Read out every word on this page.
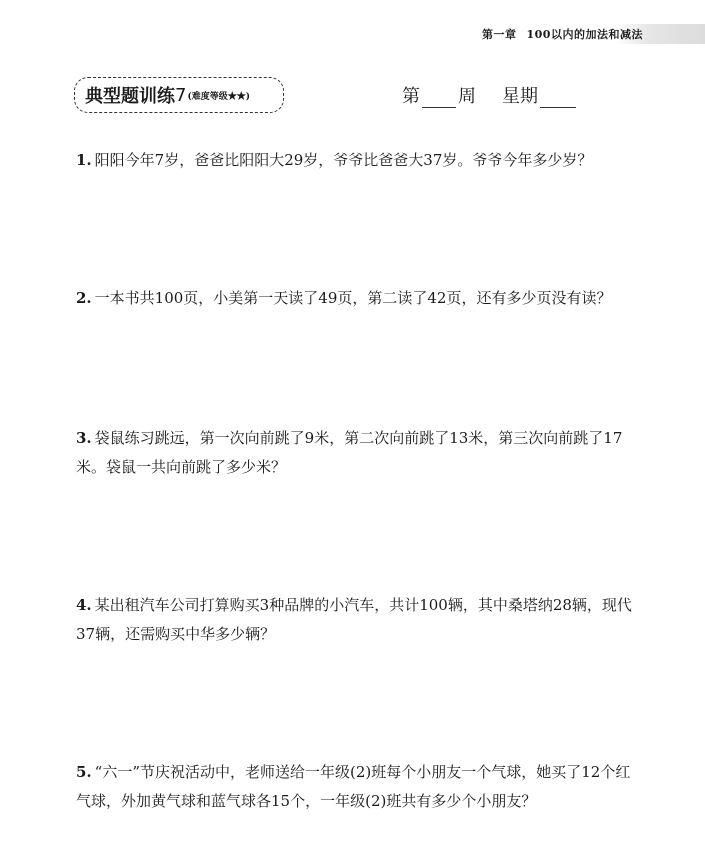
第一章 100以内的加法和减法
典型题训练 7 (难度等级★★)	第 周 星期
1. 阳阳今年7岁，爸爸比阳阳大29岁，爷爷比爸爸大37岁。爷爷今年多少岁？
2. 一本书共100页，小美第一天读了49页，第二读了42页，还有多少页没有读？
3. 袋鼠练习跳远，第一次向前跳了9米，第二次向前跳了13米，第三次向前跳了17米。袋鼠一共向前跳了多少米？
4. 某出租汽车公司打算购买3种品牌的小汽车，共计100辆，其中桑塔纳28辆，现代37辆，还需购买中华多少辆？
5. “六一”节庆祝活动中，老师送给一年级(2)班每个小朋友一个气球，她买了12个红气球，外加黄气球和蓝气球各15个，一年级(2)班共有多少个小朋友？
